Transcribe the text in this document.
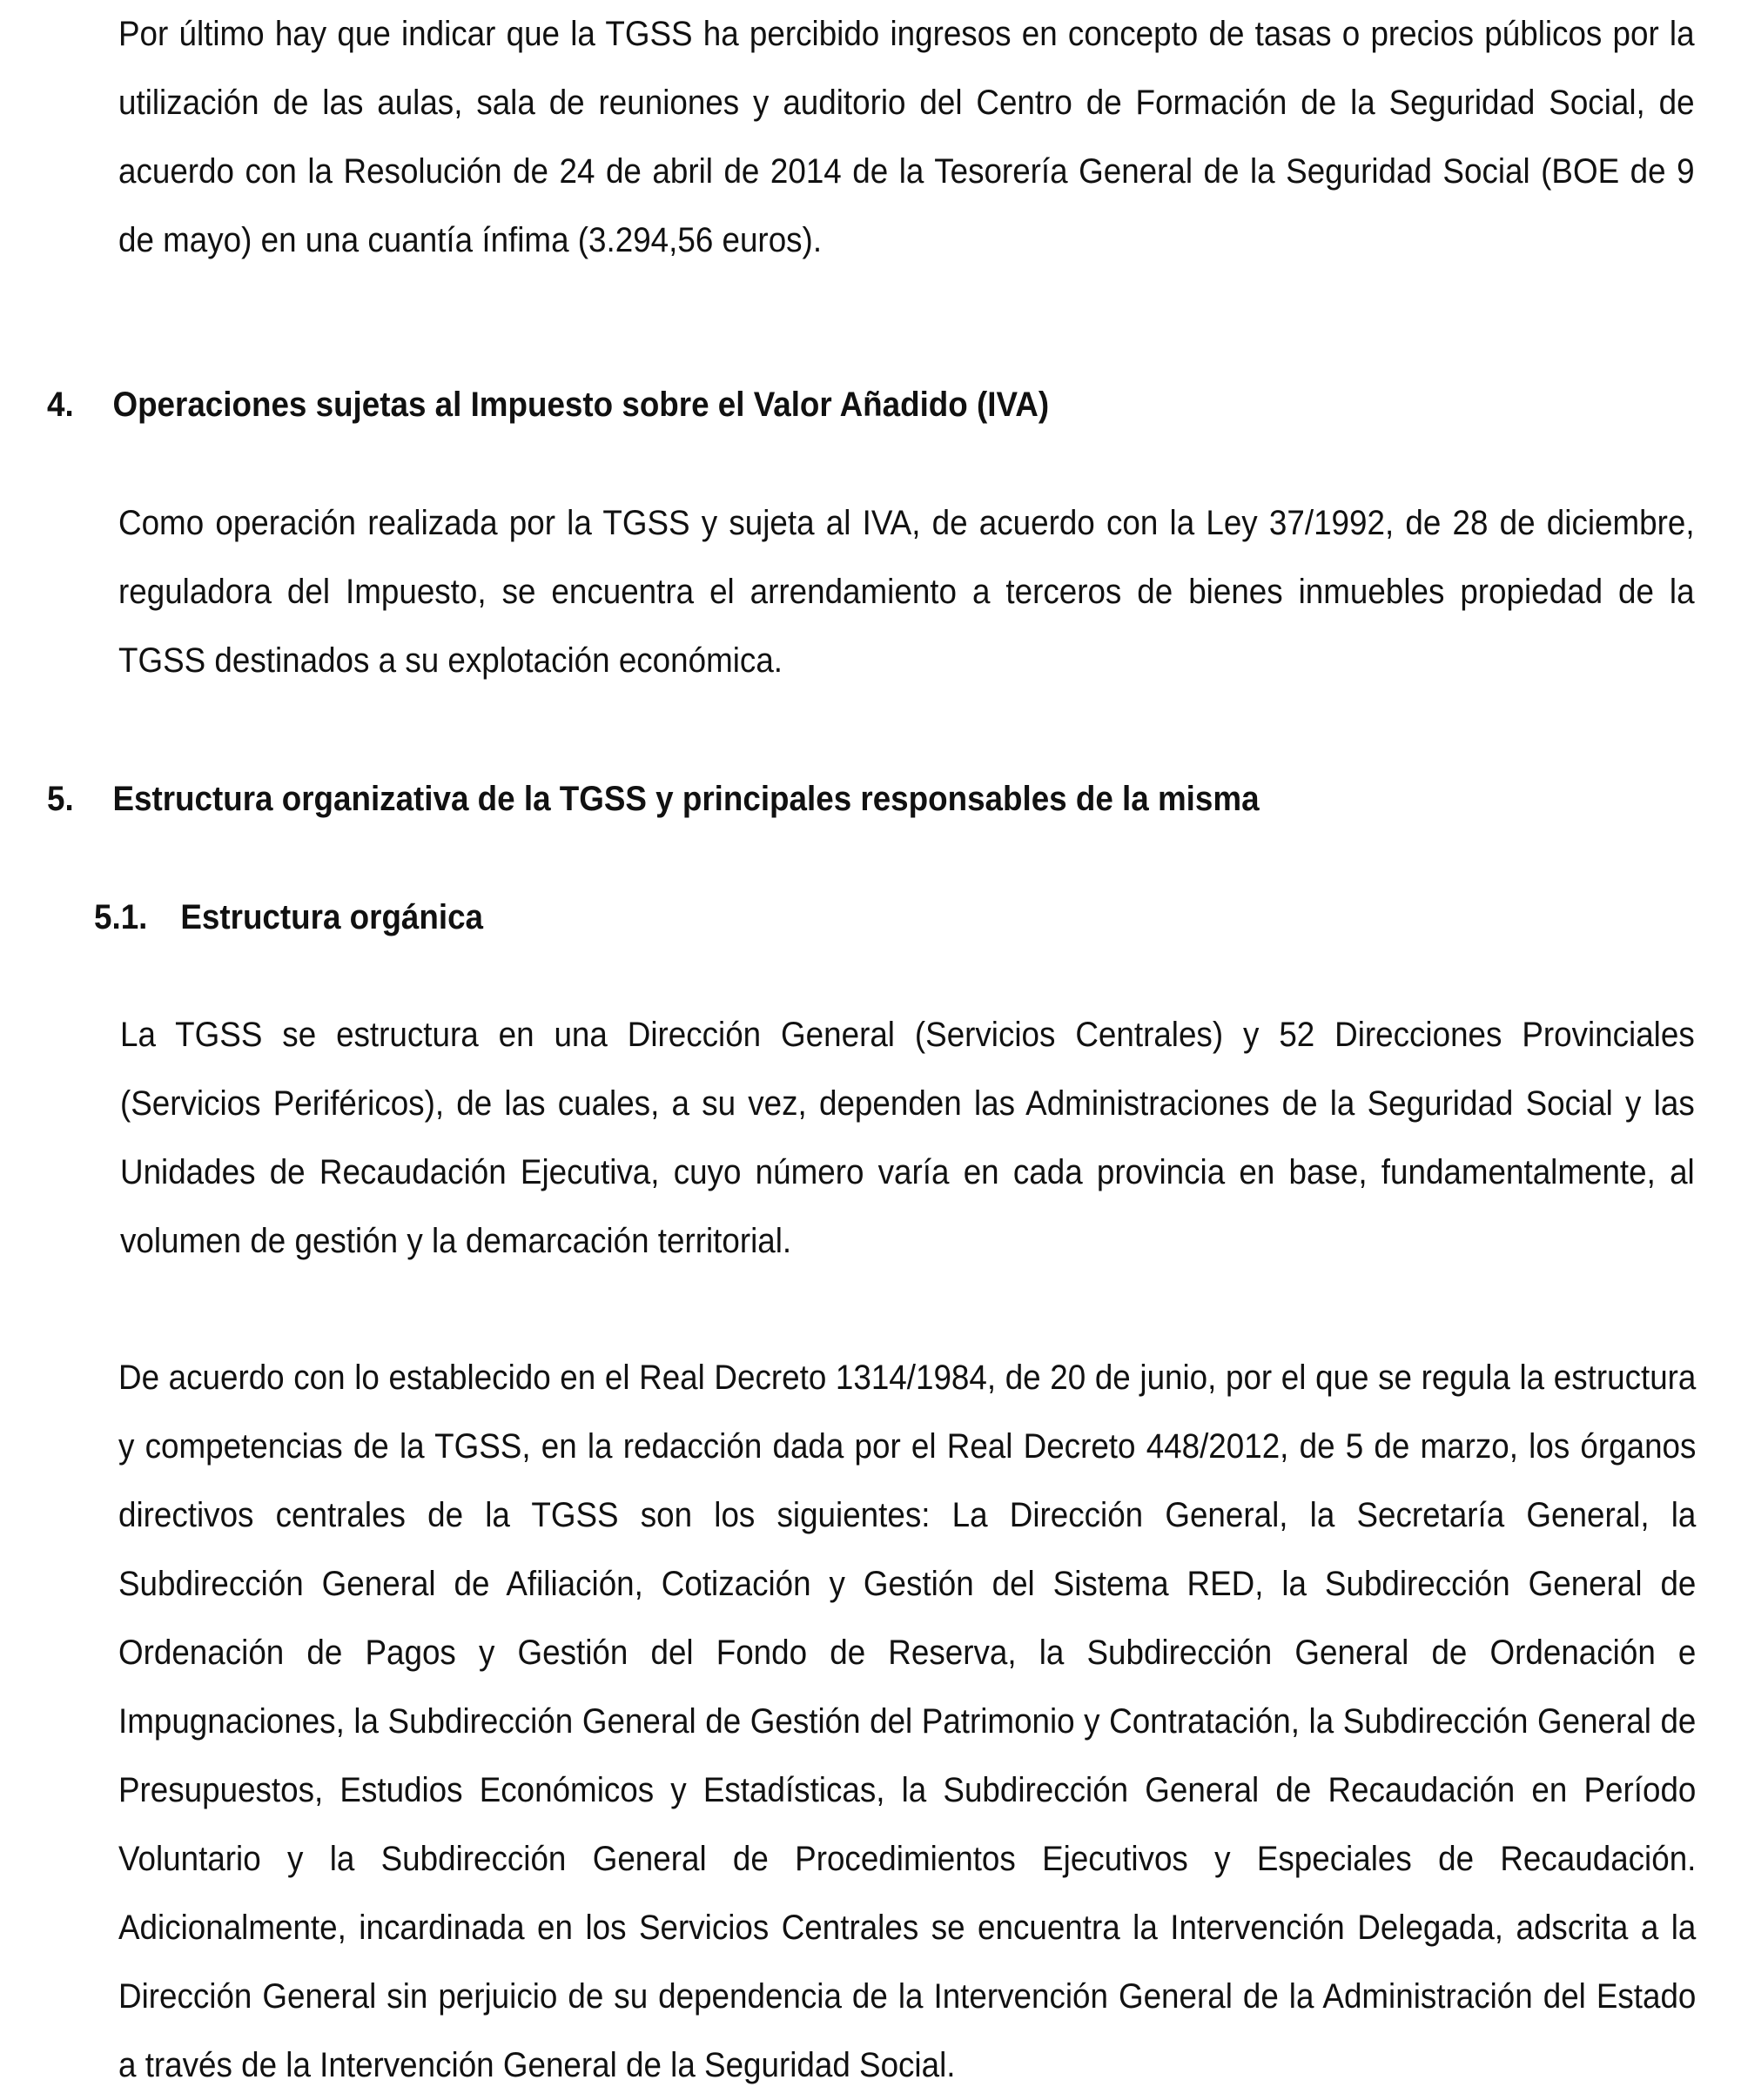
Por último hay que indicar que la TGSS ha percibido ingresos en concepto de tasas o precios públicos por la utilización de las aulas, sala de reuniones y auditorio del Centro de Formación de la Seguridad Social, de acuerdo con la Resolución de 24 de abril de 2014 de la Tesorería General de la Seguridad Social (BOE de 9 de mayo) en una cuantía ínfima (3.294,56 euros).

4. Operaciones sujetas al Impuesto sobre el Valor Añadido (IVA)

Como operación realizada por la TGSS y sujeta al IVA, de acuerdo con la Ley 37/1992, de 28 de diciembre, reguladora del Impuesto, se encuentra el arrendamiento a terceros de bienes inmuebles propiedad de la TGSS destinados a su explotación económica.

5. Estructura organizativa de la TGSS y principales responsables de la misma
5.1. Estructura orgánica

La TGSS se estructura en una Dirección General (Servicios Centrales) y 52 Direcciones Provinciales (Servicios Periféricos), de las cuales, a su vez, dependen las Administraciones de la Seguridad Social y las Unidades de Recaudación Ejecutiva, cuyo número varía en cada provincia en base, fundamentalmente, al volumen de gestión y la demarcación territorial.

De acuerdo con lo establecido en el Real Decreto 1314/1984, de 20 de junio, por el que se regula la estructura y competencias de la TGSS, en la redacción dada por el Real Decreto 448/2012, de 5 de marzo, los órganos directivos centrales de la TGSS son los siguientes: La Dirección General, la Secretaría General, la Subdirección General de Afiliación, Cotización y Gestión del Sistema RED, la Subdirección General de Ordenación de Pagos y Gestión del Fondo de Reserva, la Subdirección General de Ordenación e Impugnaciones, la Subdirección General de Gestión del Patrimonio y Contratación, la Subdirección General de Presupuestos, Estudios Económicos y Estadísticas, la Subdirección General de Recaudación en Período Voluntario y la Subdirección General de Procedimientos Ejecutivos y Especiales de Recaudación. Adicionalmente, incardinada en los Servicios Centrales se encuentra la Intervención Delegada, adscrita a la Dirección General sin perjuicio de su dependencia de la Intervención General de la Administración del Estado a través de la Intervención General de la Seguridad Social.
